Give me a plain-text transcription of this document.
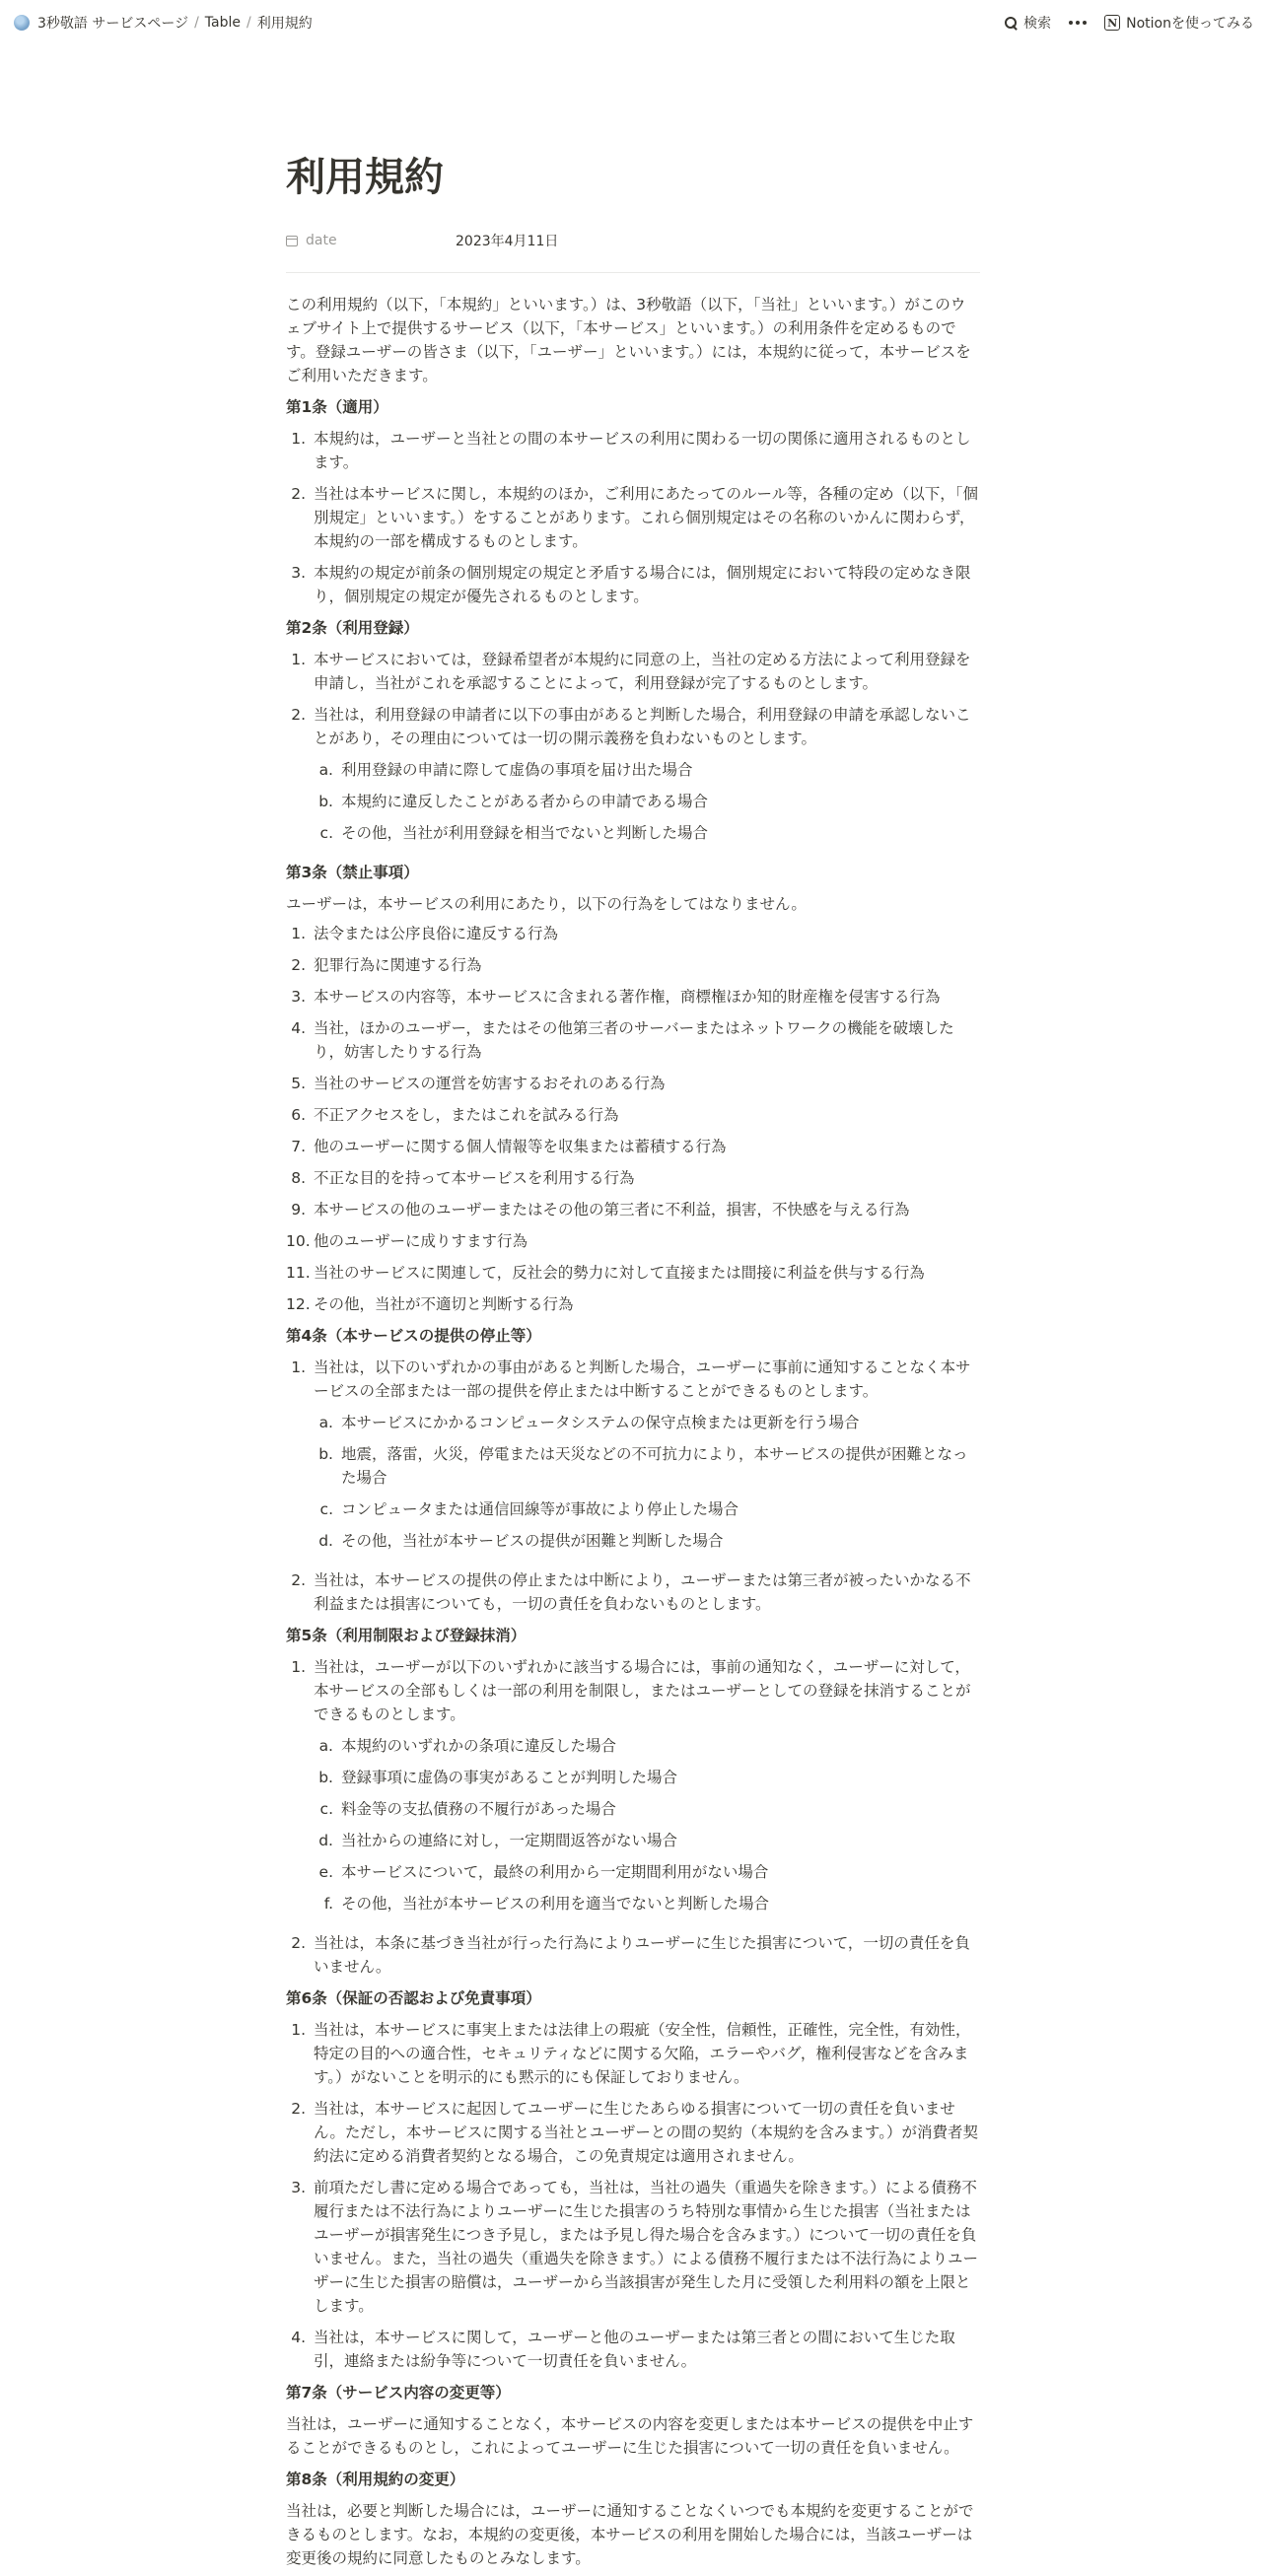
3秒敬語 サービスページ / Table / 利用規約	検索	N Notionを使ってみる
利用規約
date	2023年4月11日

この利用規約（以下，「本規約」といいます。）は、3秒敬語（以下，「当社」といいます。）がこのウェブサイト上で提供するサービス（以下，「本サービス」といいます。）の利用条件を定めるものです。登録ユーザーの皆さま（以下，「ユーザー」といいます。）には，本規約に従って，本サービスをご利用いただきます。

第1条（適用）
1. 本規約は，ユーザーと当社との間の本サービスの利用に関わる一切の関係に適用されるものとします。
2. 当社は本サービスに関し，本規約のほか，ご利用にあたってのルール等，各種の定め（以下，「個別規定」といいます。）をすることがあります。これら個別規定はその名称のいかんに関わらず，本規約の一部を構成するものとします。
3. 本規約の規定が前条の個別規定の規定と矛盾する場合には，個別規定において特段の定めなき限り，個別規定の規定が優先されるものとします。
第2条（利用登録）
1. 本サービスにおいては，登録希望者が本規約に同意の上，当社の定める方法によって利用登録を申請し，当社がこれを承認することによって，利用登録が完了するものとします。
2. 当社は，利用登録の申請者に以下の事由があると判断した場合，利用登録の申請を承認しないことがあり，その理由については一切の開示義務を負わないものとします。
a. 利用登録の申請に際して虚偽の事項を届け出た場合
b. 本規約に違反したことがある者からの申請である場合
c. その他，当社が利用登録を相当でないと判断した場合
第3条（禁止事項）

ユーザーは，本サービスの利用にあたり，以下の行為をしてはなりません。

1. 法令または公序良俗に違反する行為
2. 犯罪行為に関連する行為
3. 本サービスの内容等，本サービスに含まれる著作権，商標権ほか知的財産権を侵害する行為
4. 当社，ほかのユーザー，またはその他第三者のサーバーまたはネットワークの機能を破壊したり，妨害したりする行為
5. 当社のサービスの運営を妨害するおそれのある行為
6. 不正アクセスをし，またはこれを試みる行為
7. 他のユーザーに関する個人情報等を収集または蓄積する行為
8. 不正な目的を持って本サービスを利用する行為
9. 本サービスの他のユーザーまたはその他の第三者に不利益，損害，不快感を与える行為
10. 他のユーザーに成りすます行為
11. 当社のサービスに関連して，反社会的勢力に対して直接または間接に利益を供与する行為
12. その他，当社が不適切と判断する行為
第4条（本サービスの提供の停止等）
1. 当社は，以下のいずれかの事由があると判断した場合，ユーザーに事前に通知することなく本サービスの全部または一部の提供を停止または中断することができるものとします。
a. 本サービスにかかるコンピュータシステムの保守点検または更新を行う場合
b. 地震，落雷，火災，停電または天災などの不可抗力により，本サービスの提供が困難となった場合
c. コンピュータまたは通信回線等が事故により停止した場合
d. その他，当社が本サービスの提供が困難と判断した場合
2. 当社は，本サービスの提供の停止または中断により，ユーザーまたは第三者が被ったいかなる不利益または損害についても，一切の責任を負わないものとします。
第5条（利用制限および登録抹消）
1. 当社は，ユーザーが以下のいずれかに該当する場合には，事前の通知なく，ユーザーに対して，本サービスの全部もしくは一部の利用を制限し，またはユーザーとしての登録を抹消することができるものとします。
a. 本規約のいずれかの条項に違反した場合
b. 登録事項に虚偽の事実があることが判明した場合
c. 料金等の支払債務の不履行があった場合
d. 当社からの連絡に対し，一定期間返答がない場合
e. 本サービスについて，最終の利用から一定期間利用がない場合
f. その他，当社が本サービスの利用を適当でないと判断した場合
2. 当社は，本条に基づき当社が行った行為によりユーザーに生じた損害について，一切の責任を負いません。
第6条（保証の否認および免責事項）
1. 当社は，本サービスに事実上または法律上の瑕疵（安全性，信頼性，正確性，完全性，有効性，特定の目的への適合性，セキュリティなどに関する欠陥，エラーやバグ，権利侵害などを含みます。）がないことを明示的にも黙示的にも保証しておりません。
2. 当社は，本サービスに起因してユーザーに生じたあらゆる損害について一切の責任を負いません。ただし，本サービスに関する当社とユーザーとの間の契約（本規約を含みます。）が消費者契約法に定める消費者契約となる場合，この免責規定は適用されません。
3. 前項ただし書に定める場合であっても，当社は，当社の過失（重過失を除きます。）による債務不履行または不法行為によりユーザーに生じた損害のうち特別な事情から生じた損害（当社またはユーザーが損害発生につき予見し，または予見し得た場合を含みます。）について一切の責任を負いません。また，当社の過失（重過失を除きます。）による債務不履行または不法行為によりユーザーに生じた損害の賠償は，ユーザーから当該損害が発生した月に受領した利用料の額を上限とします。
4. 当社は，本サービスに関して，ユーザーと他のユーザーまたは第三者との間において生じた取引，連絡または紛争等について一切責任を負いません。
第7条（サービス内容の変更等）

当社は，ユーザーに通知することなく，本サービスの内容を変更しまたは本サービスの提供を中止することができるものとし，これによってユーザーに生じた損害について一切の責任を負いません。

第8条（利用規約の変更）

当社は，必要と判断した場合には，ユーザーに通知することなくいつでも本規約を変更することができるものとします。なお，本規約の変更後，本サービスの利用を開始した場合には，当該ユーザーは変更後の規約に同意したものとみなします。
